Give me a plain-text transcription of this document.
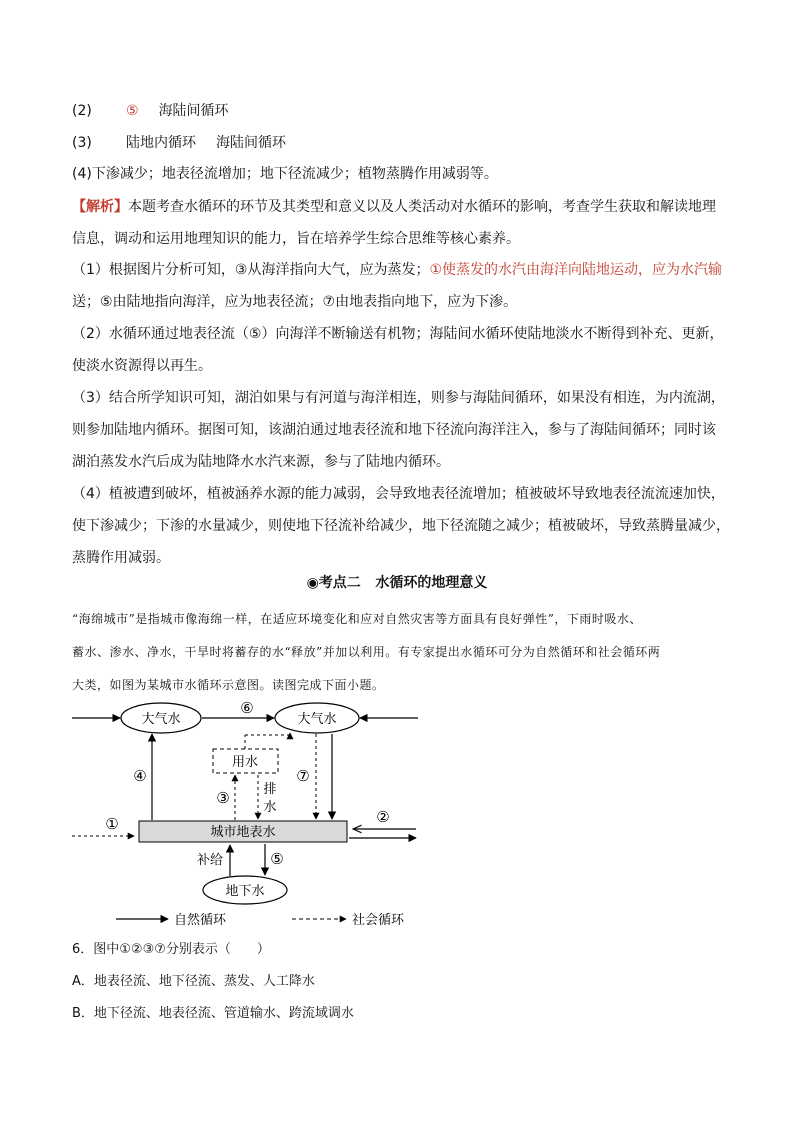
(2) ⑤ 海陆间循环
(3) 陆地内循环 海陆间循环
(4)下渗减少；地表径流增加；地下径流减少；植物蒸腾作用减弱等。
【解析】本题考查水循环的环节及其类型和意义以及人类活动对水循环的影响，考查学生获取和解读地理
信息，调动和运用地理知识的能力，旨在培养学生综合思维等核心素养。
（1）根据图片分析可知，③从海洋指向大气，应为蒸发；①使蒸发的水汽由海洋向陆地运动，应为水汽输
送；⑤由陆地指向海洋，应为地表径流；⑦由地表指向地下，应为下渗。
（2）水循环通过地表径流（⑤）向海洋不断输送有机物；海陆间水循环使陆地淡水不断得到补充、更新，
使淡水资源得以再生。
（3）结合所学知识可知，湖泊如果与有河道与海洋相连，则参与海陆间循环，如果没有相连，为内流湖，
则参加陆地内循环。据图可知，该湖泊通过地表径流和地下径流向海洋注入，参与了海陆间循环；同时该
湖泊蒸发水汽后成为陆地降水水汽来源，参与了陆地内循环。
（4）植被遭到破坏，植被涵养水源的能力减弱，会导致地表径流增加；植被破坏导致地表径流流速加快，
使下渗减少；下渗的水量减少，则使地下径流补给减少，地下径流随之减少；植被破坏，导致蒸腾量减少，
蒸腾作用减弱。
◉考点二 水循环的地理意义
“海绵城市”是指城市像海绵一样，在适应环境变化和应对自然灾害等方面具有良好弹性”，下雨时吸水、
蓄水、渗水、净水，干旱时将蓄存的水“释放”并加以利用。有专家提出水循环可分为自然循环和社会循环两
大类，如图为某城市水循环示意图。读图完成下面小题。
大气水	大气水
⑥
用水
④
③	排
水
⑦
城市地表水
①	②
补给	⑤
地下水
自然循环	社会循环
6．图中①②③⑦分别表示（　　）
A．地表径流、地下径流、蒸发、人工降水
B．地下径流、地表径流、管道输水、跨流域调水
